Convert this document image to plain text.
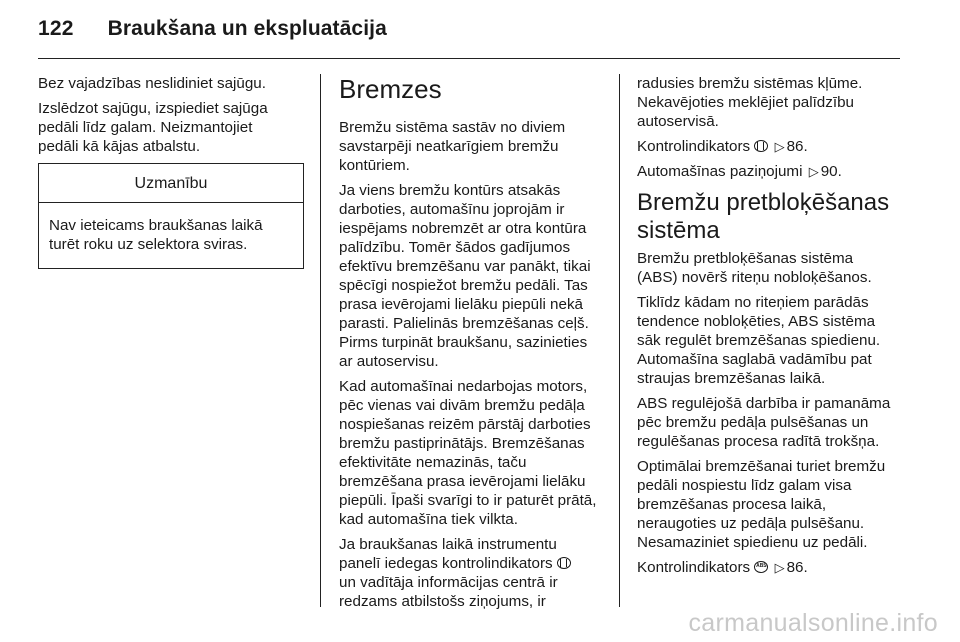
122 Braukšana un ekspluatācija

Bez vajadzības neslidiniet sajūgu.

Izslēdzot sajūgu, izspiediet sajūga
pedāli līdz galam. Neizmantojiet
pedāli kā kājas atbalstu.

Uzmanību
Nav ieteicams braukšanas laikā
turēt roku uz selektora sviras.
Bremzes

Bremžu sistēma sastāv no diviem
savstarpēji neatkarīgiem bremžu
kontūriem.

Ja viens bremžu kontūrs atsakās
darboties, automašīnu joprojām ir
iespējams nobremzēt ar otra kontūra
palīdzību. Tomēr šādos gadījumos
efektīvu bremzēšanu var panākt, tikai
spēcīgi nospiežot bremžu pedāli. Tas
prasa ievērojami lielāku piepūli nekā
parasti. Palielinās bremzēšanas ceļš.
Pirms turpināt braukšanu, sazinieties
ar autoservisu.

Kad automašīnai nedarbojas motors,
pēc vienas vai divām bremžu pedāļa
nospiešanas reizēm pārstāj darboties
bremžu pastiprinātājs. Bremzēšanas
efektivitāte nemazinās, taču
bremzēšana prasa ievērojami lielāku
piepūli. Īpaši svarīgi to ir paturēt prātā,
kad automašīna tiek vilkta.

Ja braukšanas laikā instrumentu
panelī iedegas kontrolindikators
un vadītāja informācijas centrā ir
redzams atbilstošs ziņojums, ir

radusies bremžu sistēmas kļūme.
Nekavējoties meklējiet palīdzību
autoservisā.

Kontrolindikators ▷ 86.

Automašīnas paziņojumi ▷ 90.

Bremžu pretbloķēšanas
sistēma

Bremžu pretbloķēšanas sistēma
(ABS) novērš riteņu nobloķēšanos.

Tiklīdz kādam no riteņiem parādās
tendence nobloķēties, ABS sistēma
sāk regulēt bremzēšanas spiedienu.
Automašīna saglabā vadāmību pat
straujas bremzēšanas laikā.

ABS regulējošā darbība ir pamanāma
pēc bremžu pedāļa pulsēšanas un
regulēšanas procesa radītā trokšņa.

Optimālai bremzēšanai turiet bremžu
pedāli nospiestu līdz galam visa
bremzēšanas procesa laikā,
neraugoties uz pedāļa pulsēšanu.
Nesamaziniet spiedienu uz pedāli.

Kontrolindikators ABS ▷ 86.

carmanualsonline.info
